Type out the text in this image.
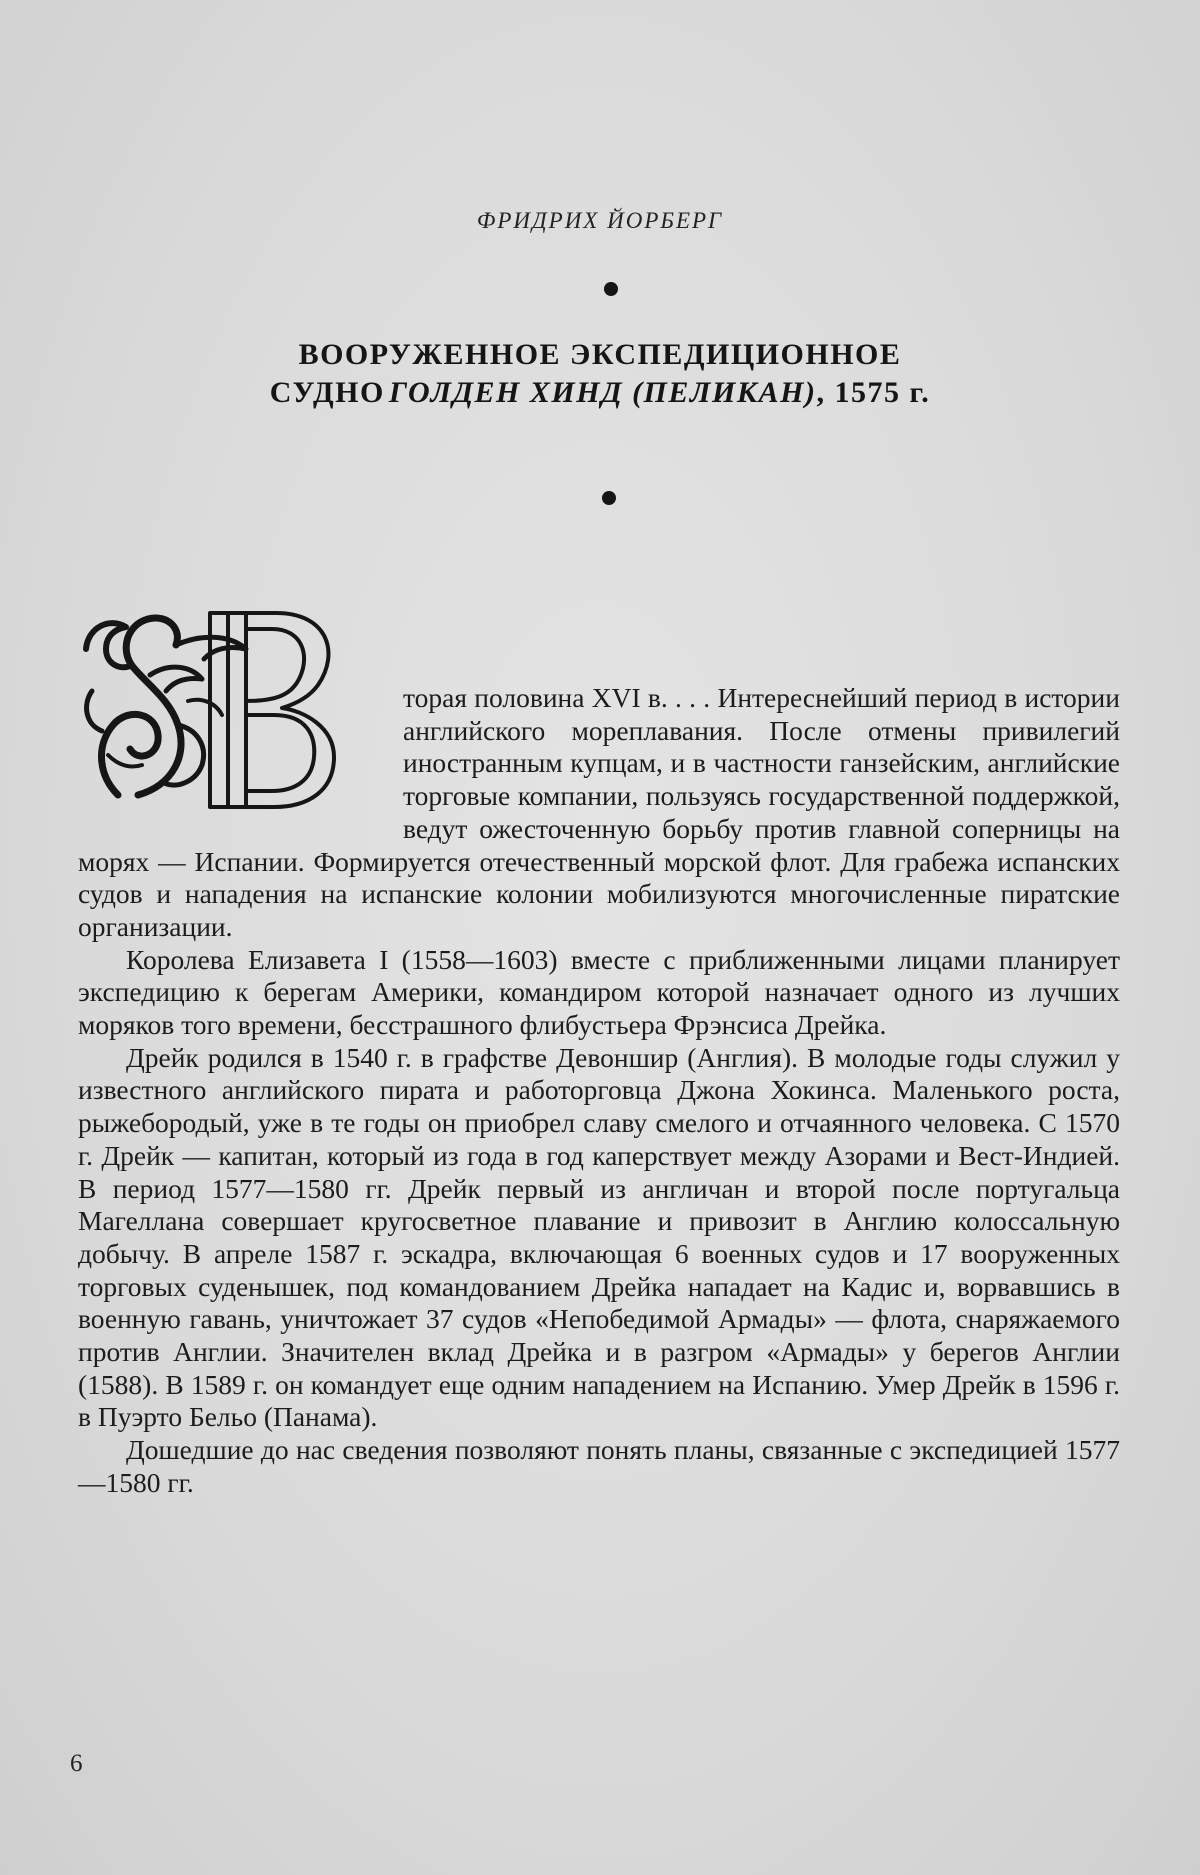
ФРИДРИХ ЙОРБЕРГ
ВООРУЖЕННОЕ ЭКСПЕДИЦИОННОЕ
СУДНО ГОЛДЕН ХИНД (ПЕЛИКАН), 1575 г.

торая половина XVI в. . . . Интереснейший период в истории английского мореплавания. После отмены привилегий иностранным купцам, и в частности ганзейским, английские торговые компании, пользуясь государственной поддержкой, ведут ожесточенную борьбу против главной соперницы на морях — Испании. Формируется отечественный морской флот. Для грабежа испанских судов и нападения на испанские колонии мобилизуются многочисленные пиратские организации.

Королева Елизавета I (1558—1603) вместе с приближенными лицами планирует экспедицию к берегам Америки, командиром которой назначает одного из лучших моряков того времени, бесстрашного флибустьера Фрэнсиса Дрейка.

Дрейк родился в 1540 г. в графстве Девоншир (Англия). В молодые годы служил у известного английского пирата и работорговца Джона Хокинса. Маленького роста, рыжебородый, уже в те годы он приобрел славу смелого и отчаянного человека. С 1570 г. Дрейк — капитан, который из года в год каперствует между Азорами и Вест-Индией. В период 1577—1580 гг. Дрейк первый из англичан и второй после португальца Магеллана совершает кругосветное плавание и привозит в Англию колоссальную добычу. В апреле 1587 г. эскадра, включающая 6 военных судов и 17 вооруженных торговых суденышек, под командованием Дрейка нападает на Кадис и, ворвавшись в военную гавань, уничтожает 37 судов «Непобедимой Армады» — флота, снаряжаемого против Англии. Значителен вклад Дрейка и в разгром «Армады» у берегов Англии (1588). В 1589 г. он командует еще одним нападением на Испанию. Умер Дрейк в 1596 г. в Пуэрто Бельо (Панама).

Дошедшие до нас сведения позволяют понять планы, связанные с экспедицией 1577—1580 гг.

6
